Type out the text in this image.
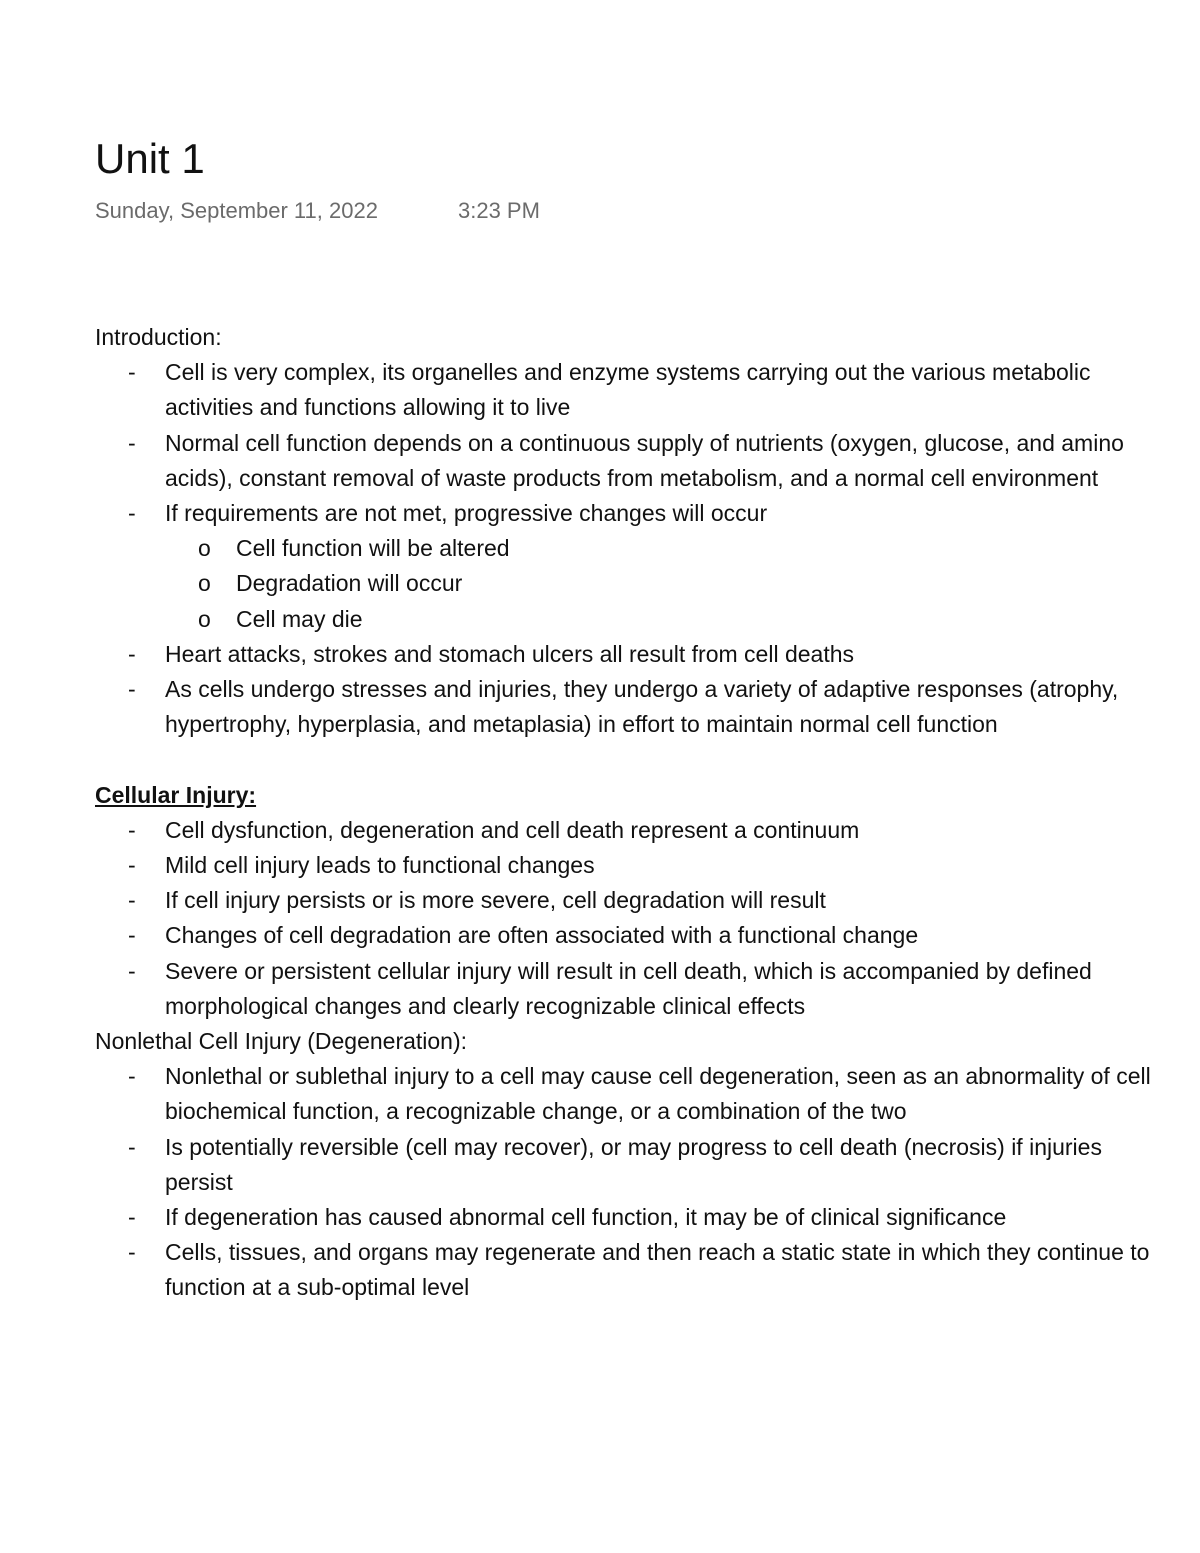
Unit 1
Sunday, September 11, 2022	3:23 PM
Introduction:
-	Cell is very complex, its organelles and enzyme systems carrying out the various metabolic activities and functions allowing it to live
-	Normal cell function depends on a continuous supply of nutrients (oxygen, glucose, and amino acids), constant removal of waste products from metabolism, and a normal cell environment
-	If requirements are not met, progressive changes will occur
o Cell function will be altered
o Degradation will occur
o Cell may die
-	Heart attacks, strokes and stomach ulcers all result from cell deaths
-	As cells undergo stresses and injuries, they undergo a variety of adaptive responses (atrophy, hypertrophy, hyperplasia, and metaplasia) in effort to maintain normal cell function
Cellular Injury:
-	Cell dysfunction, degeneration and cell death represent a continuum
-	Mild cell injury leads to functional changes
-	If cell injury persists or is more severe, cell degradation will result
-	Changes of cell degradation are often associated with a functional change
-	Severe or persistent cellular injury will result in cell death, which is accompanied by defined morphological changes and clearly recognizable clinical effects
Nonlethal Cell Injury (Degeneration):
-	Nonlethal or sublethal injury to a cell may cause cell degeneration, seen as an abnormality of cell biochemical function, a recognizable change, or a combination of the two
-	Is potentially reversible (cell may recover), or may progress to cell death (necrosis) if injuries persist
-	If degeneration has caused abnormal cell function, it may be of clinical significance
-	Cells, tissues, and organs may regenerate and then reach a static state in which they continue to function at a sub-optimal level
